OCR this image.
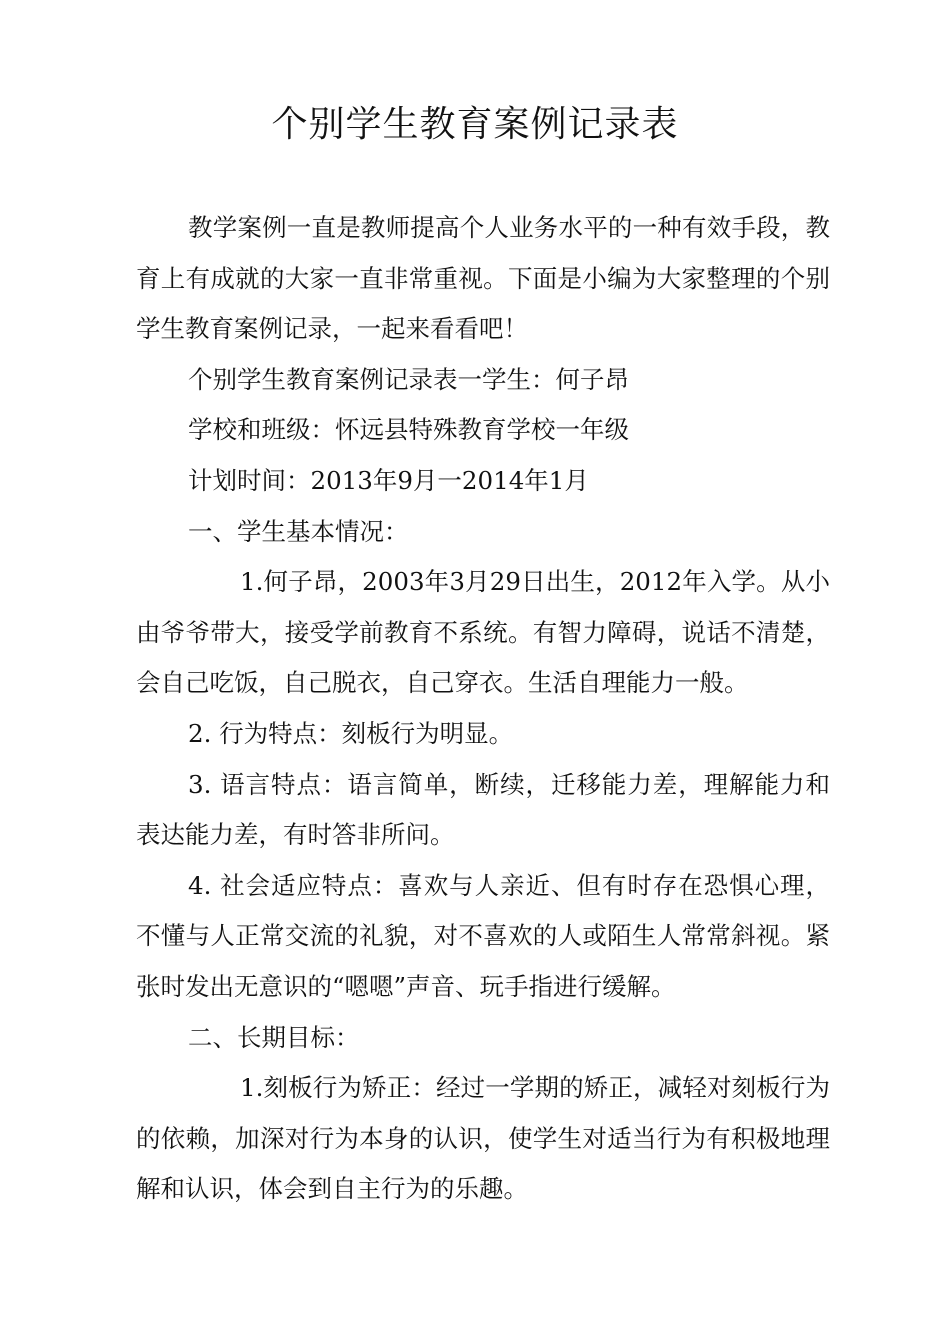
个别学生教育案例记录表

教学案例一直是教师提高个人业务水平的一种有效手段，教育上有成就的大家一直非常重视。下面是小编为大家整理的个别学生教育案例记录，一起来看看吧！

个别学生教育案例记录表一学生：何子昂

学校和班级：怀远县特殊教育学校一年级

计划时间：2013年9月一2014年1月

一、学生基本情况：

1.何子昂，2003年3月29日出生，2012年入学。从小由爷爷带大，接受学前教育不系统。有智力障碍，说话不清楚，会自己吃饭，自己脱衣，自己穿衣。生活自理能力一般。

2. 行为特点：刻板行为明显。

3. 语言特点：语言简单，断续，迁移能力差，理解能力和表达能力差，有时答非所问。

4. 社会适应特点：喜欢与人亲近、但有时存在恐惧心理，不懂与人正常交流的礼貌，对不喜欢的人或陌生人常常斜视。紧张时发出无意识的“嗯嗯”声音、玩手指进行缓解。

二、长期目标：

1.刻板行为矫正：经过一学期的矫正，减轻对刻板行为的依赖，加深对行为本身的认识，使学生对适当行为有积极地理解和认识，体会到自主行为的乐趣。
